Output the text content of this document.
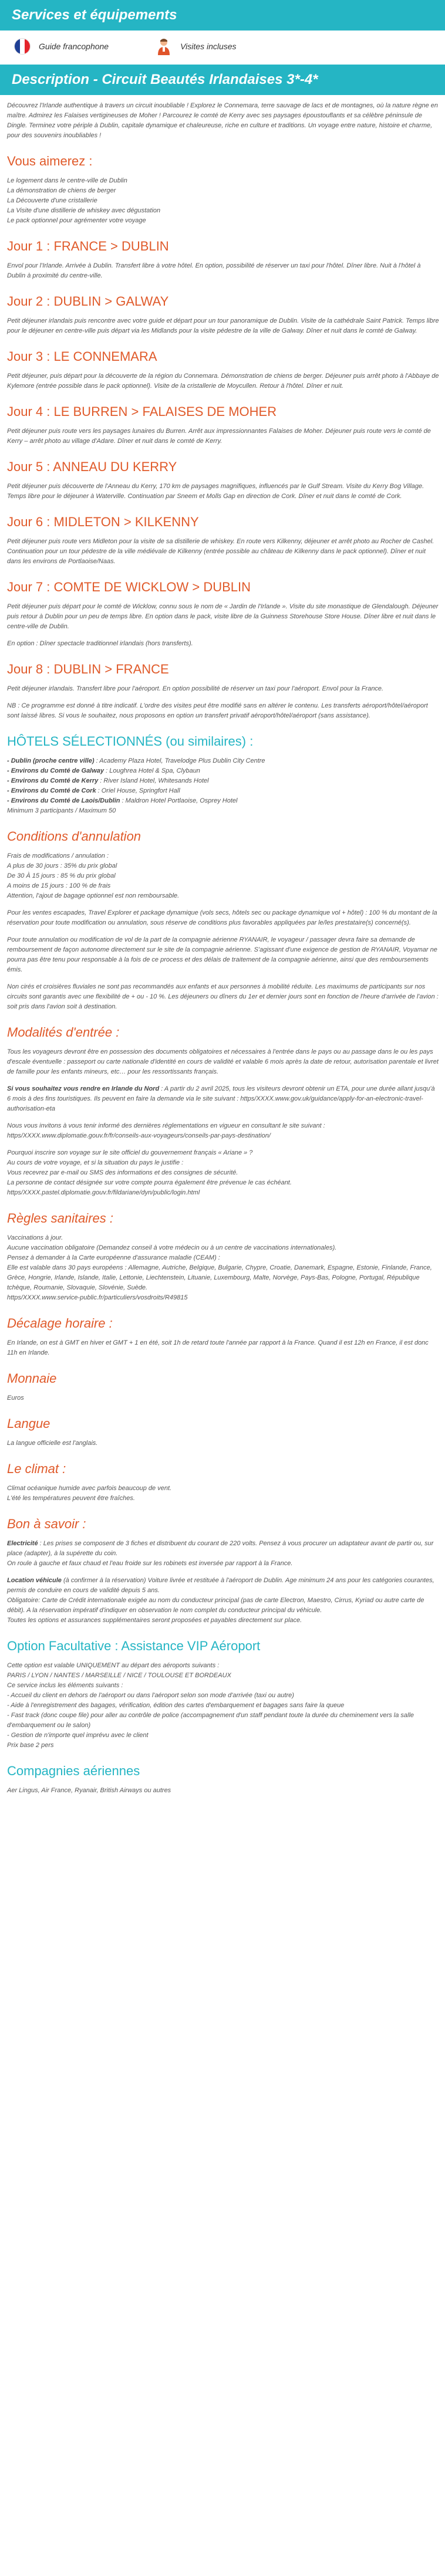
Services et équipements
Guide francophone	Visites incluses
Description - Circuit Beautés Irlandaises 3*-4*

Découvrez l'Irlande authentique à travers un circuit inoubliable ! Explorez le Connemara, terre sauvage de lacs et de montagnes, où la nature règne en maître. Admirez les Falaises vertigineuses de Moher ! Parcourez le comté de Kerry avec ses paysages époustouflants et sa célèbre péninsule de Dingle. Terminez votre périple à Dublin, capitale dynamique et chaleureuse, riche en culture et traditions. Un voyage entre nature, histoire et charme, pour des souvenirs inoubliables !

Vous aimerez :
Le logement dans le centre-ville de Dublin
La démonstration de chiens de berger
La Découverte d'une cristallerie
La Visite d'une distillerie de whiskey avec dégustation
Le pack optionnel pour agrémenter votre voyage
Jour 1 : FRANCE > DUBLIN

Envol pour l'Irlande. Arrivée à Dublin. Transfert libre à votre hôtel. En option, possibilité de réserver un taxi pour l'hôtel. Dîner libre. Nuit à l'hôtel à Dublin à proximité du centre-ville.

Jour 2 : DUBLIN > GALWAY

Petit déjeuner irlandais puis rencontre avec votre guide et départ pour un tour panoramique de Dublin. Visite de la cathédrale Saint Patrick. Temps libre pour le déjeuner en centre-ville puis départ via les Midlands pour la visite pédestre de la ville de Galway. Dîner et nuit dans le comté de Galway.

Jour 3 : LE CONNEMARA

Petit déjeuner, puis départ pour la découverte de la région du Connemara. Démonstration de chiens de berger. Déjeuner puis arrêt photo à l'Abbaye de Kylemore (entrée possible dans le pack optionnel). Visite de la cristallerie de Moycullen. Retour à l'hôtel. Dîner et nuit.

Jour 4 : LE BURREN > FALAISES DE MOHER

Petit déjeuner puis route vers les paysages lunaires du Burren. Arrêt aux impressionnantes Falaises de Moher. Déjeuner puis route vers le comté de Kerry – arrêt photo au village d'Adare. Dîner et nuit dans le comté de Kerry.

Jour 5 : ANNEAU DU KERRY

Petit déjeuner puis découverte de l'Anneau du Kerry, 170 km de paysages magnifiques, influencés par le Gulf Stream. Visite du Kerry Bog Village. Temps libre pour le déjeuner à Waterville. Continuation par Sneem et Molls Gap en direction de Cork. Dîner et nuit dans le comté de Cork.

Jour 6 : MIDLETON > KILKENNY

Petit déjeuner puis route vers Midleton pour la visite de sa distillerie de whiskey. En route vers Kilkenny, déjeuner et arrêt photo au Rocher de Cashel. Continuation pour un tour pédestre de la ville médiévale de Kilkenny (entrée possible au château de Kilkenny dans le pack optionnel). Dîner et nuit dans les environs de Portlaoise/Naas.

Jour 7 : COMTE DE WICKLOW > DUBLIN

Petit déjeuner puis départ pour le comté de Wicklow, connu sous le nom de « Jardin de l'Irlande ». Visite du site monastique de Glendalough. Déjeuner puis retour à Dublin pour un peu de temps libre. En option dans le pack, visite libre de la Guinness Storehouse Store House. Dîner libre et nuit dans le centre-ville de Dublin.

En option : Dîner spectacle traditionnel irlandais (hors transferts).

Jour 8 : DUBLIN > FRANCE

Petit déjeuner irlandais. Transfert libre pour l'aéroport. En option possibilité de réserver un taxi pour l'aéroport. Envol pour la France.

NB : Ce programme est donné à titre indicatif. L'ordre des visites peut être modifié sans en altérer le contenu. Les transferts aéroport/hôtel/aéroport sont laissé libres. Si vous le souhaitez, nous proposons en option un transfert privatif aéroport/hôtel/aéroport (sans assistance).

HÔTELS SÉLECTIONNÉS (ou similaires) :
- Dublin (proche centre ville) : Academy Plaza Hotel, Travelodge Plus Dublin City Centre
- Environs du Comté de Galway : Loughrea Hotel & Spa, Clybaun
- Environs du Comté de Kerry : River Island Hotel, Whitesands Hotel
- Environs du Comté de Cork : Oriel House, Springfort Hall
- Environs du Comté de Laois/Dublin : Maldron Hotel Portlaoise, Osprey Hotel
Minimum 3 participants / Maximum 50
Conditions d'annulation
Frais de modifications / annulation :
A plus de 30 jours : 35% du prix global
De 30 À 15 jours : 85 % du prix global
A moins de 15 jours : 100 % de frais
Attention, l'ajout de bagage optionnel est non remboursable.

Pour les ventes escapades, Travel Explorer et package dynamique (vols secs, hôtels sec ou package dynamique vol + hôtel) : 100 % du montant de la réservation pour toute modification ou annulation, sous réserve de conditions plus favorables appliquées par le/les prestataire(s) concerné(s).

Pour toute annulation ou modification de vol de la part de la compagnie aérienne RYANAIR, le voyageur / passager devra faire sa demande de remboursement de façon autonome directement sur le site de la compagnie aérienne. S'agissant d'une exigence de gestion de RYANAIR, Voyamar ne pourra pas être tenu pour responsable à la fois de ce process et des délais de traitement de la compagnie aérienne, ainsi que des remboursements émis.

Non cirés et croisières fluviales ne sont pas recommandés aux enfants et aux personnes à mobilité réduite. Les maximums de participants sur nos circuits sont garantis avec une flexibilité de + ou - 10 %. Les déjeuners ou dîners du 1er et dernier jours sont en fonction de l'heure d'arrivée de l'avion : soit pris dans l'avion soit à destination.

Modalités d'entrée :

Tous les voyageurs devront être en possession des documents obligatoires et nécessaires à l'entrée dans le pays ou au passage dans le ou les pays d'escale éventuelle : passeport ou carte nationale d'identité en cours de validité et valable 6 mois après la date de retour, autorisation parentale et livret de famille pour les enfants mineurs, etc… pour les ressortissants français.

Si vous souhaitez vous rendre en Irlande du Nord : A partir du 2 avril 2025, tous les visiteurs devront obtenir un ETA, pour une durée allant jusqu'à 6 mois à des fins touristiques. Ils peuvent en faire la demande via le site suivant : https/XXXX.www.gov.uk/guidance/apply-for-an-electronic-travel-authorisation-eta

Nous vous invitons à vous tenir informé des dernières réglementations en vigueur en consultant le site suivant : https/XXXX.www.diplomatie.gouv.fr/fr/conseils-aux-voyageurs/conseils-par-pays-destination/

Pourquoi inscrire son voyage sur le site officiel du gouvernement français « Ariane » ?
Au cours de votre voyage, et si la situation du pays le justifie :
Vous recevrez par e-mail ou SMS des informations et des consignes de sécurité.
La personne de contact désignée sur votre compte pourra également être prévenue le cas échéant.
https/XXXX.pastel.diplomatie.gouv.fr/fildariane/dyn/public/login.html
Règles sanitaires :
Vaccinations à jour.
Aucune vaccination obligatoire (Demandez conseil à votre médecin ou à un centre de vaccinations internationales).
Pensez à demander à la Carte européenne d'assurance maladie (CEAM) :
Elle est valable dans 30 pays européens : Allemagne, Autriche, Belgique, Bulgarie, Chypre, Croatie, Danemark, Espagne, Estonie, Finlande, France, Grèce, Hongrie, Irlande, Islande, Italie, Lettonie, Liechtenstein, Lituanie, Luxembourg, Malte, Norvège, Pays-Bas, Pologne, Portugal, République tchèque, Roumanie, Slovaquie, Slovénie, Suède.
https/XXXX.www.service-public.fr/particuliers/vosdroits/R49815
Décalage horaire :

En Irlande, on est à GMT en hiver et GMT + 1 en été, soit 1h de retard toute l'année par rapport à la France. Quand il est 12h en France, il est donc 11h en Irlande.

Monnaie

Euros

Langue

La langue officielle est l'anglais.

Le climat :
Climat océanique humide avec parfois beaucoup de vent.
L'été les températures peuvent être fraîches.
Bon à savoir :

Electricité : Les prises se composent de 3 fiches et distribuent du courant de 220 volts. Pensez à vous procurer un adaptateur avant de partir ou, sur place (adapter), à la supérette du coin.
On roule à gauche et faux chaud et l'eau froide sur les robinets est inversée par rapport à la France.

Location véhicule (à confirmer à la réservation) Voiture livrée et restituée à l'aéroport de Dublin. Age minimum 24 ans pour les catégories courantes, permis de conduire en cours de validité depuis 5 ans.
Obligatoire: Carte de Crédit internationale exigée au nom du conducteur principal (pas de carte Electron, Maestro, Cirrus, Kyriad ou autre carte de débit). A la réservation impératif d'indiquer en observation le nom complet du conducteur principal du véhicule.
Toutes les options et assurances supplémentaires seront proposées et payables directement sur place.

Option Facultative : Assistance VIP Aéroport
Cette option est valable UNIQUEMENT au départ des aéroports suivants :
PARIS / LYON / NANTES / MARSEILLE / NICE / TOULOUSE ET BORDEAUX
Ce service inclus les éléments suivants :
- Accueil du client en dehors de l'aéroport ou dans l'aéroport selon son mode d'arrivée (taxi ou autre)
- Aide à l'enregistrement des bagages, vérification, édition des cartes d'embarquement et bagages sans faire la queue
- Fast track (donc coupe file) pour aller au contrôle de police (accompagnement d'un staff pendant toute la durée du cheminement vers la salle d'embarquement ou le salon)
- Gestion de n'importe quel imprévu avec le client
Prix base 2 pers
Compagnies aériennes

Aer Lingus, Air France, Ryanair, British Airways ou autres
